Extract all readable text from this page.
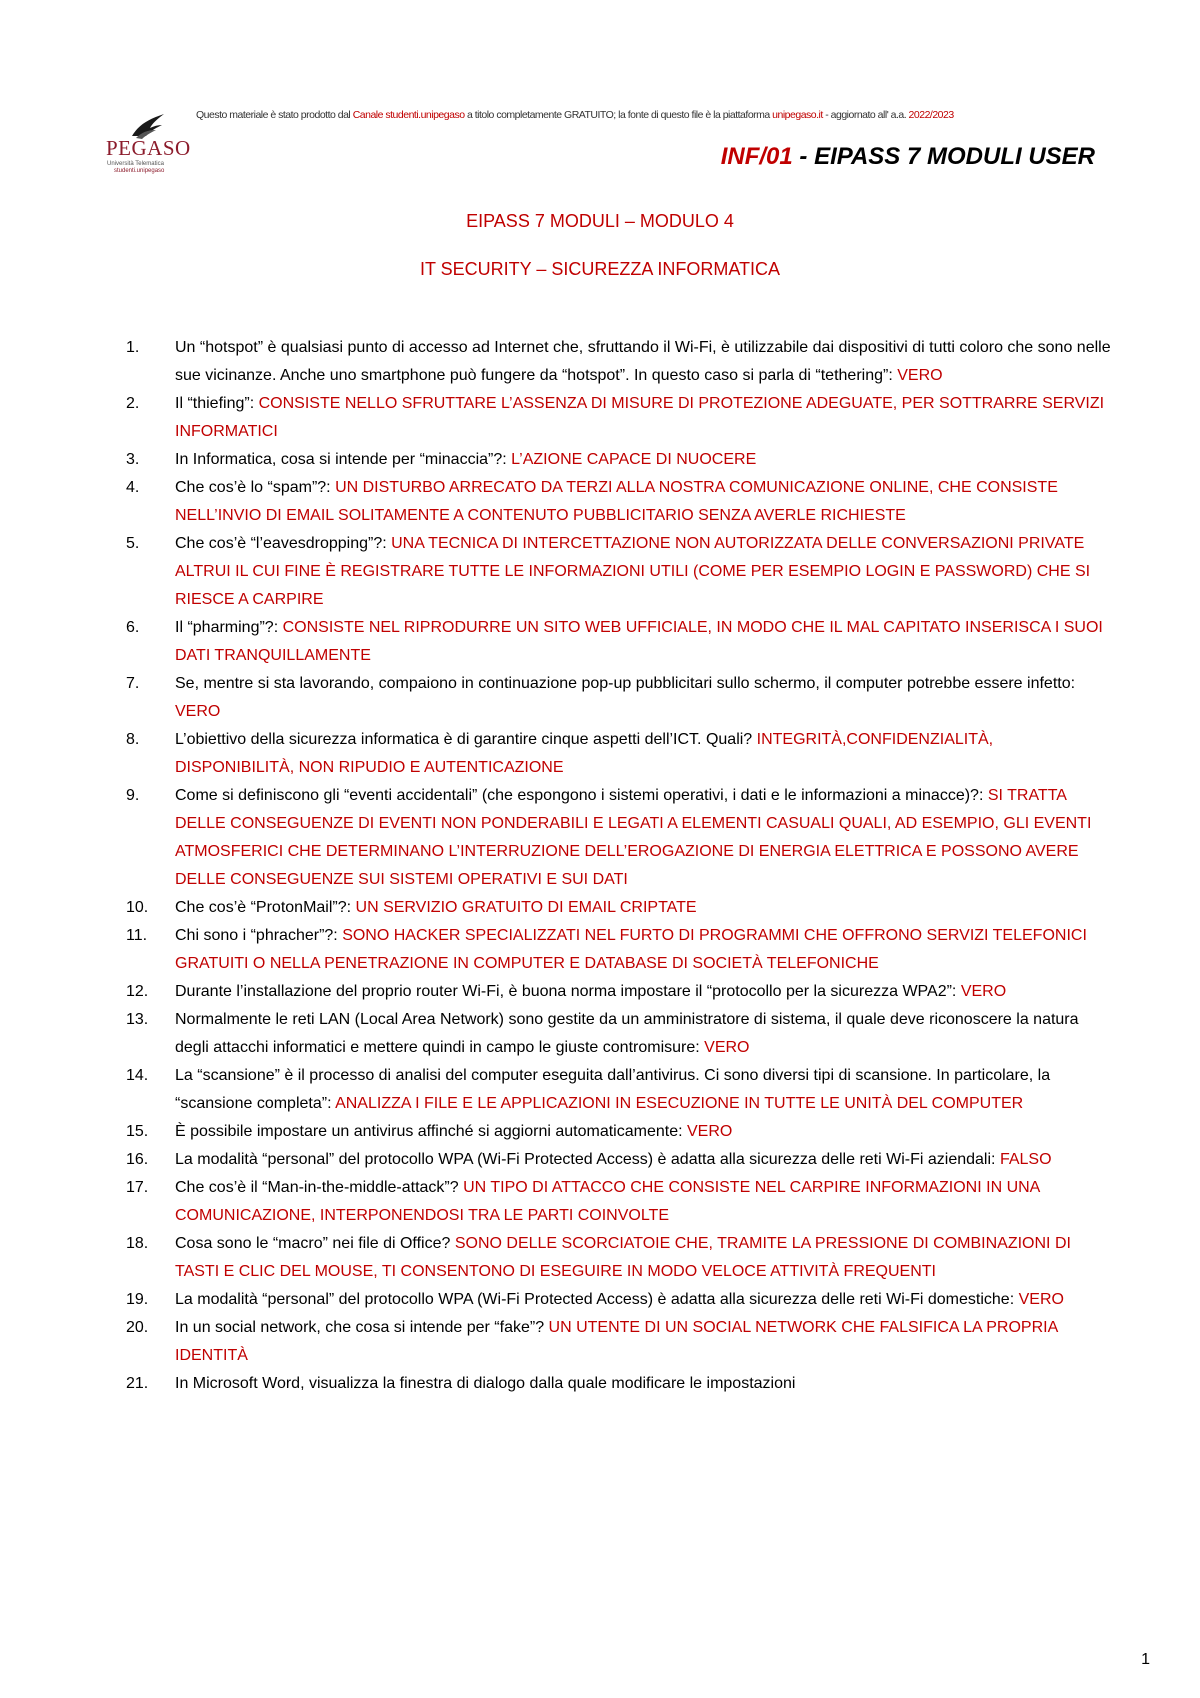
PEGASO
Università Telematica
studenti.unipegaso
Questo materiale è stato prodotto dal Canale studenti.unipegaso a titolo completamente GRATUITO; la fonte di questo file è la piattaforma unipegaso.it - aggiornato all' a.a. 2022/2023
INF/01 - EIPASS 7 MODULI USER
EIPASS 7 MODULI – MODULO 4
IT SECURITY – SICUREZZA INFORMATICA
1.	Un “hotspot” è qualsiasi punto di accesso ad Internet che, sfruttando il Wi-Fi, è utilizzabile dai dispositivi di tutti coloro che sono nelle sue vicinanze. Anche uno smartphone può fungere da “hotspot”. In questo caso si parla di “tethering”: VERO
2.	Il “thiefing”: CONSISTE NELLO SFRUTTARE L’ASSENZA DI MISURE DI PROTEZIONE ADEGUATE, PER SOTTRARRE SERVIZI INFORMATICI
3.	In Informatica, cosa si intende per “minaccia”?: L’AZIONE CAPACE DI NUOCERE
4.	Che cos’è lo “spam”?: UN DISTURBO ARRECATO DA TERZI ALLA NOSTRA COMUNICAZIONE ONLINE, CHE CONSISTE NELL’INVIO DI EMAIL SOLITAMENTE A CONTENUTO PUBBLICITARIO SENZA AVERLE RICHIESTE
5.	Che cos’è “l’eavesdropping”?: UNA TECNICA DI INTERCETTAZIONE NON AUTORIZZATA DELLE CONVERSAZIONI PRIVATE ALTRUI IL CUI FINE È REGISTRARE TUTTE LE INFORMAZIONI UTILI (COME PER ESEMPIO LOGIN E PASSWORD) CHE SI RIESCE A CARPIRE
6.	Il “pharming”?: CONSISTE NEL RIPRODURRE UN SITO WEB UFFICIALE, IN MODO CHE IL MAL CAPITATO INSERISCA I SUOI DATI TRANQUILLAMENTE
7.	Se, mentre si sta lavorando, compaiono in continuazione pop-up pubblicitari sullo schermo, il computer potrebbe essere infetto: VERO
8.	L’obiettivo della sicurezza informatica è di garantire cinque aspetti dell’ICT. Quali? INTEGRITÀ,CONFIDENZIALITÀ, DISPONIBILITÀ, NON RIPUDIO E AUTENTICAZIONE
9.	Come si definiscono gli “eventi accidentali” (che espongono i sistemi operativi, i dati e le informazioni a minacce)?: SI TRATTA DELLE CONSEGUENZE DI EVENTI NON PONDERABILI E LEGATI A ELEMENTI CASUALI QUALI, AD ESEMPIO, GLI EVENTI ATMOSFERICI CHE DETERMINANO L’INTERRUZIONE DELL’EROGAZIONE DI ENERGIA ELETTRICA E POSSONO AVERE DELLE CONSEGUENZE SUI SISTEMI OPERATIVI E SUI DATI
10.	Che cos’è “ProtonMail”?: UN SERVIZIO GRATUITO DI EMAIL CRIPTATE
11.	Chi sono i “phracher”?: SONO HACKER SPECIALIZZATI NEL FURTO DI PROGRAMMI CHE OFFRONO SERVIZI TELEFONICI GRATUITI O NELLA PENETRAZIONE IN COMPUTER E DATABASE DI SOCIETÀ TELEFONICHE
12.	Durante l’installazione del proprio router Wi-Fi, è buona norma impostare il “protocollo per la sicurezza WPA2”: VERO
13.	Normalmente le reti LAN (Local Area Network) sono gestite da un amministratore di sistema, il quale deve riconoscere la natura degli attacchi informatici e mettere quindi in campo le giuste contromisure: VERO
14.	La “scansione” è il processo di analisi del computer eseguita dall’antivirus. Ci sono diversi tipi di scansione. In particolare, la “scansione completa”: ANALIZZA I FILE E LE APPLICAZIONI IN ESECUZIONE IN TUTTE LE UNITÀ DEL COMPUTER
15.	È possibile impostare un antivirus affinché si aggiorni automaticamente: VERO
16.	La modalità “personal” del protocollo WPA (Wi-Fi Protected Access) è adatta alla sicurezza delle reti Wi-Fi aziendali: FALSO
17.	Che cos’è il “Man-in-the-middle-attack”? UN TIPO DI ATTACCO CHE CONSISTE NEL CARPIRE INFORMAZIONI IN UNA COMUNICAZIONE, INTERPONENDOSI TRA LE PARTI COINVOLTE
18.	Cosa sono le “macro” nei file di Office? SONO DELLE SCORCIATOIE CHE, TRAMITE LA PRESSIONE DI COMBINAZIONI DI TASTI E CLIC DEL MOUSE, TI CONSENTONO DI ESEGUIRE IN MODO VELOCE ATTIVITÀ FREQUENTI
19.	La modalità “personal” del protocollo WPA (Wi-Fi Protected Access) è adatta alla sicurezza delle reti Wi-Fi domestiche: VERO
20.	In un social network, che cosa si intende per “fake”? UN UTENTE DI UN SOCIAL NETWORK CHE FALSIFICA LA PROPRIA IDENTITÀ
21.	In Microsoft Word, visualizza la finestra di dialogo dalla quale modificare le impostazioni
1
